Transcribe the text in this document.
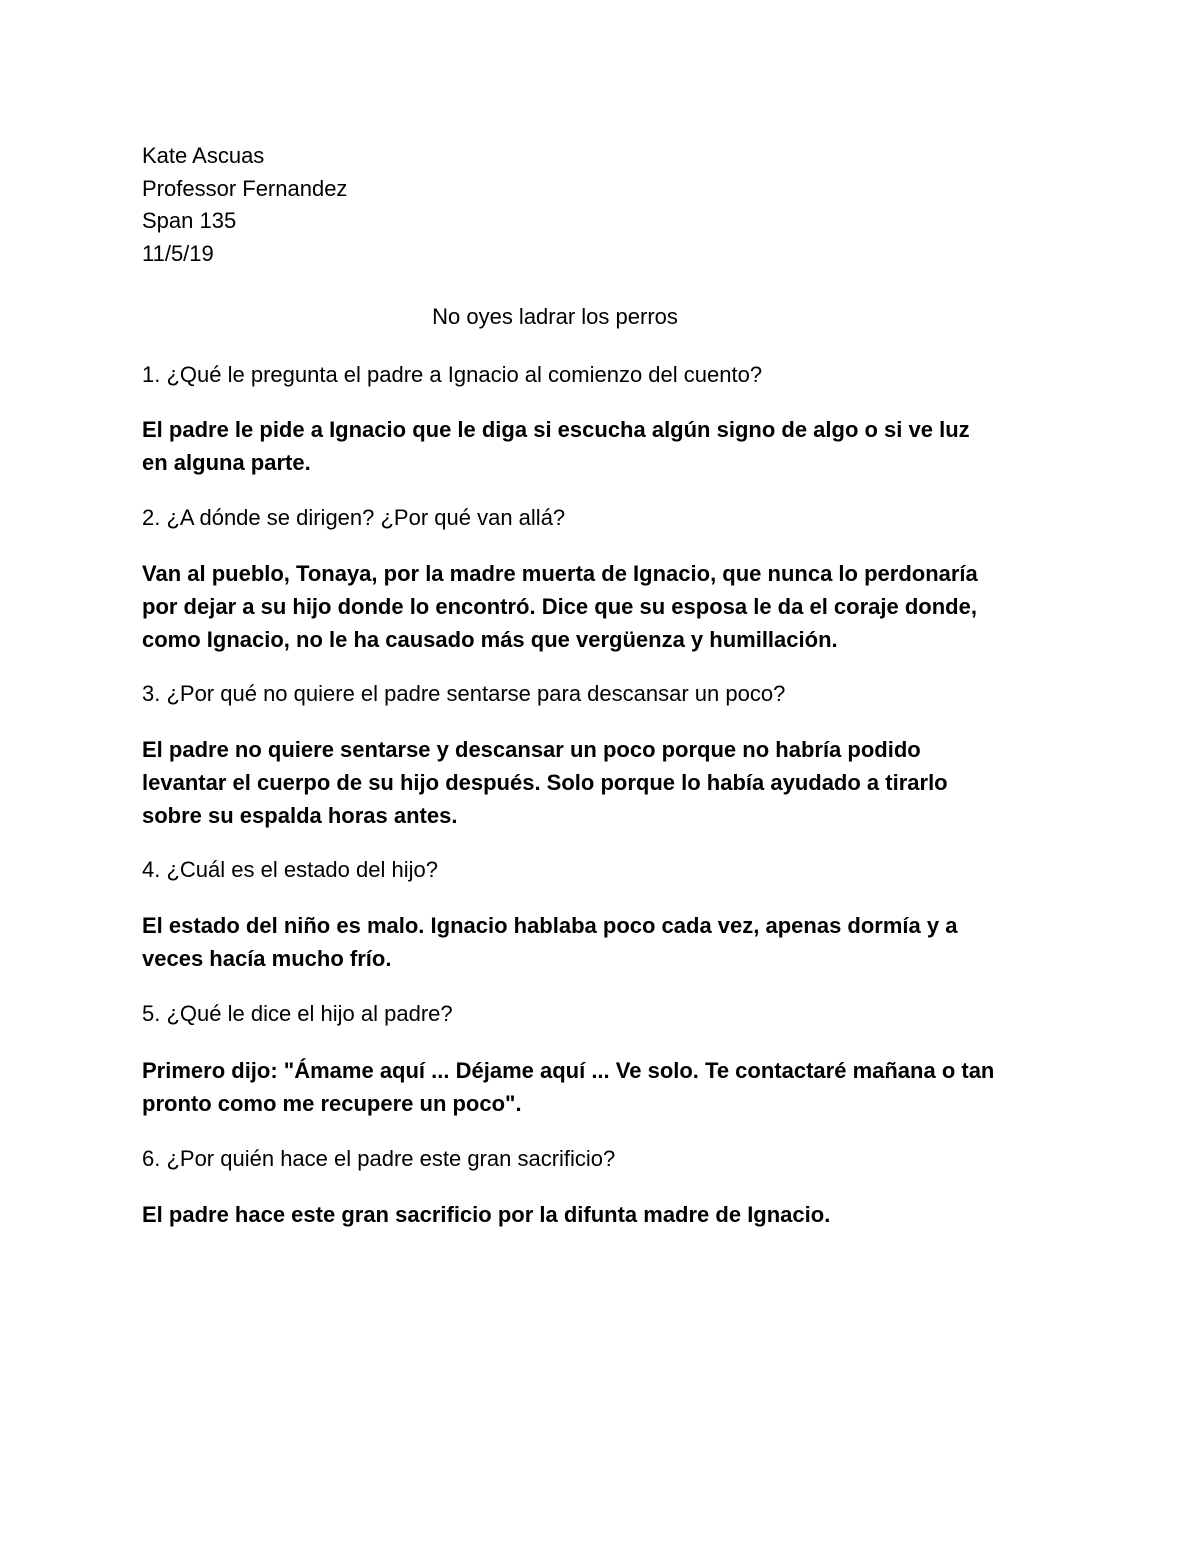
Kate Ascuas
Professor Fernandez
Span 135
11/5/19
No oyes ladrar los perros
1. ¿Qué le pregunta el padre a Ignacio al comienzo del cuento?
El padre le pide a Ignacio que le diga si escucha algún signo de algo o si ve luz
en alguna parte.
2. ¿A dónde se dirigen? ¿Por qué van allá?
Van al pueblo, Tonaya, por la madre muerta de Ignacio, que nunca lo perdonaría
por dejar a su hijo donde lo encontró. Dice que su esposa le da el coraje donde,
como Ignacio, no le ha causado más que vergüenza y humillación.
3. ¿Por qué no quiere el padre sentarse para descansar un poco?
El padre no quiere sentarse y descansar un poco porque no habría podido
levantar el cuerpo de su hijo después. Solo porque lo había ayudado a tirarlo
sobre su espalda horas antes.
4. ¿Cuál es el estado del hijo?
El estado del niño es malo. Ignacio hablaba poco cada vez, apenas dormía y a
veces hacía mucho frío.
5. ¿Qué le dice el hijo al padre?
Primero dijo: "Ámame aquí ... Déjame aquí ... Ve solo. Te contactaré mañana o tan
pronto como me recupere un poco".
6. ¿Por quién hace el padre este gran sacrificio?
El padre hace este gran sacrificio por la difunta madre de Ignacio.
